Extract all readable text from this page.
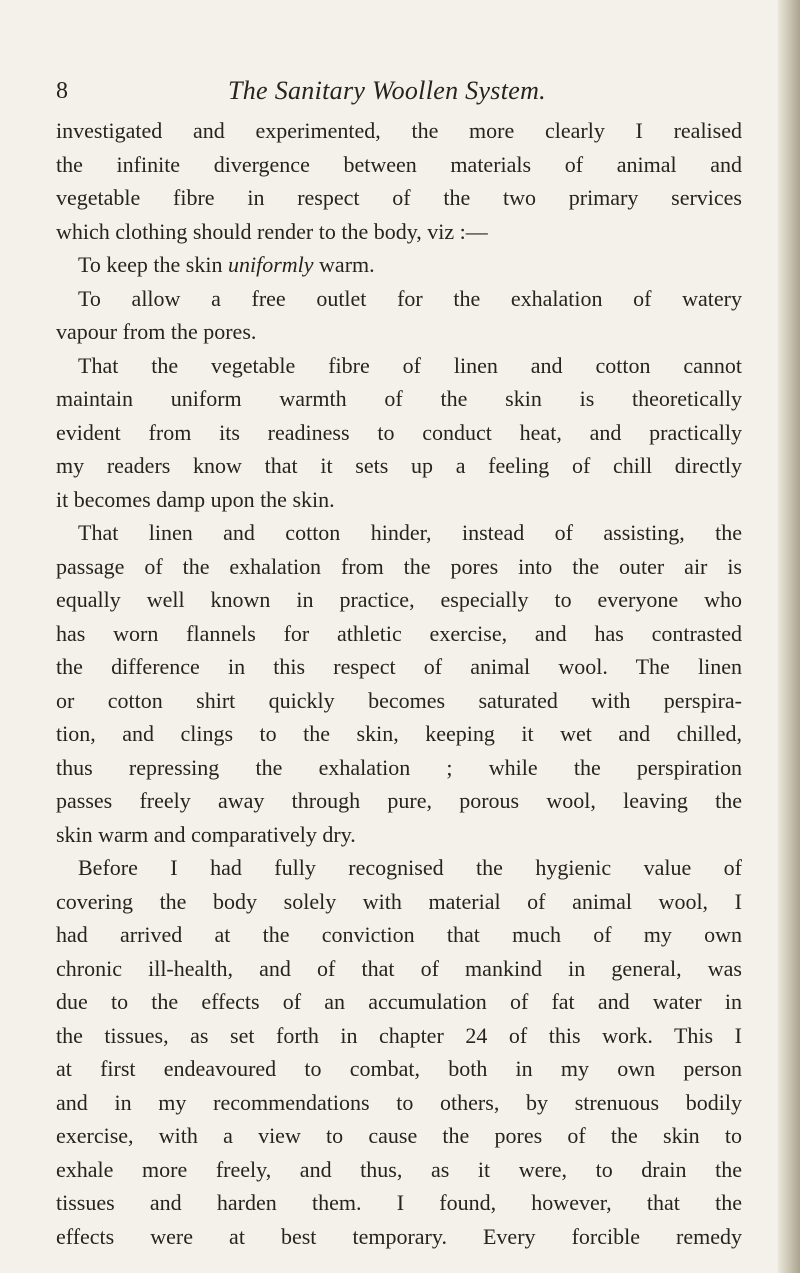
8	The Sanitary Woollen System.
investigated and experimented, the more clearly I realised
the infinite divergence between materials of animal and
vegetable fibre in respect of the two primary services
which clothing should render to the body, viz :—
To keep the skin uniformly warm.
To allow a free outlet for the exhalation of watery
vapour from the pores.
That the vegetable fibre of linen and cotton cannot
maintain uniform warmth of the skin is theoretically
evident from its readiness to conduct heat, and practically
my readers know that it sets up a feeling of chill directly
it becomes damp upon the skin.
That linen and cotton hinder, instead of assisting, the
passage of the exhalation from the pores into the outer air is
equally well known in practice, especially to everyone who
has worn flannels for athletic exercise, and has contrasted
the difference in this respect of animal wool. The linen
or cotton shirt quickly becomes saturated with perspira-
tion, and clings to the skin, keeping it wet and chilled,
thus repressing the exhalation ; while the perspiration
passes freely away through pure, porous wool, leaving the
skin warm and comparatively dry.
Before I had fully recognised the hygienic value of
covering the body solely with material of animal wool, I
had arrived at the conviction that much of my own
chronic ill-health, and of that of mankind in general, was
due to the effects of an accumulation of fat and water in
the tissues, as set forth in chapter 24 of this work. This I
at first endeavoured to combat, both in my own person
and in my recommendations to others, by strenuous bodily
exercise, with a view to cause the pores of the skin to
exhale more freely, and thus, as it were, to drain the
tissues and harden them. I found, however, that the
effects were at best temporary. Every forcible remedy
